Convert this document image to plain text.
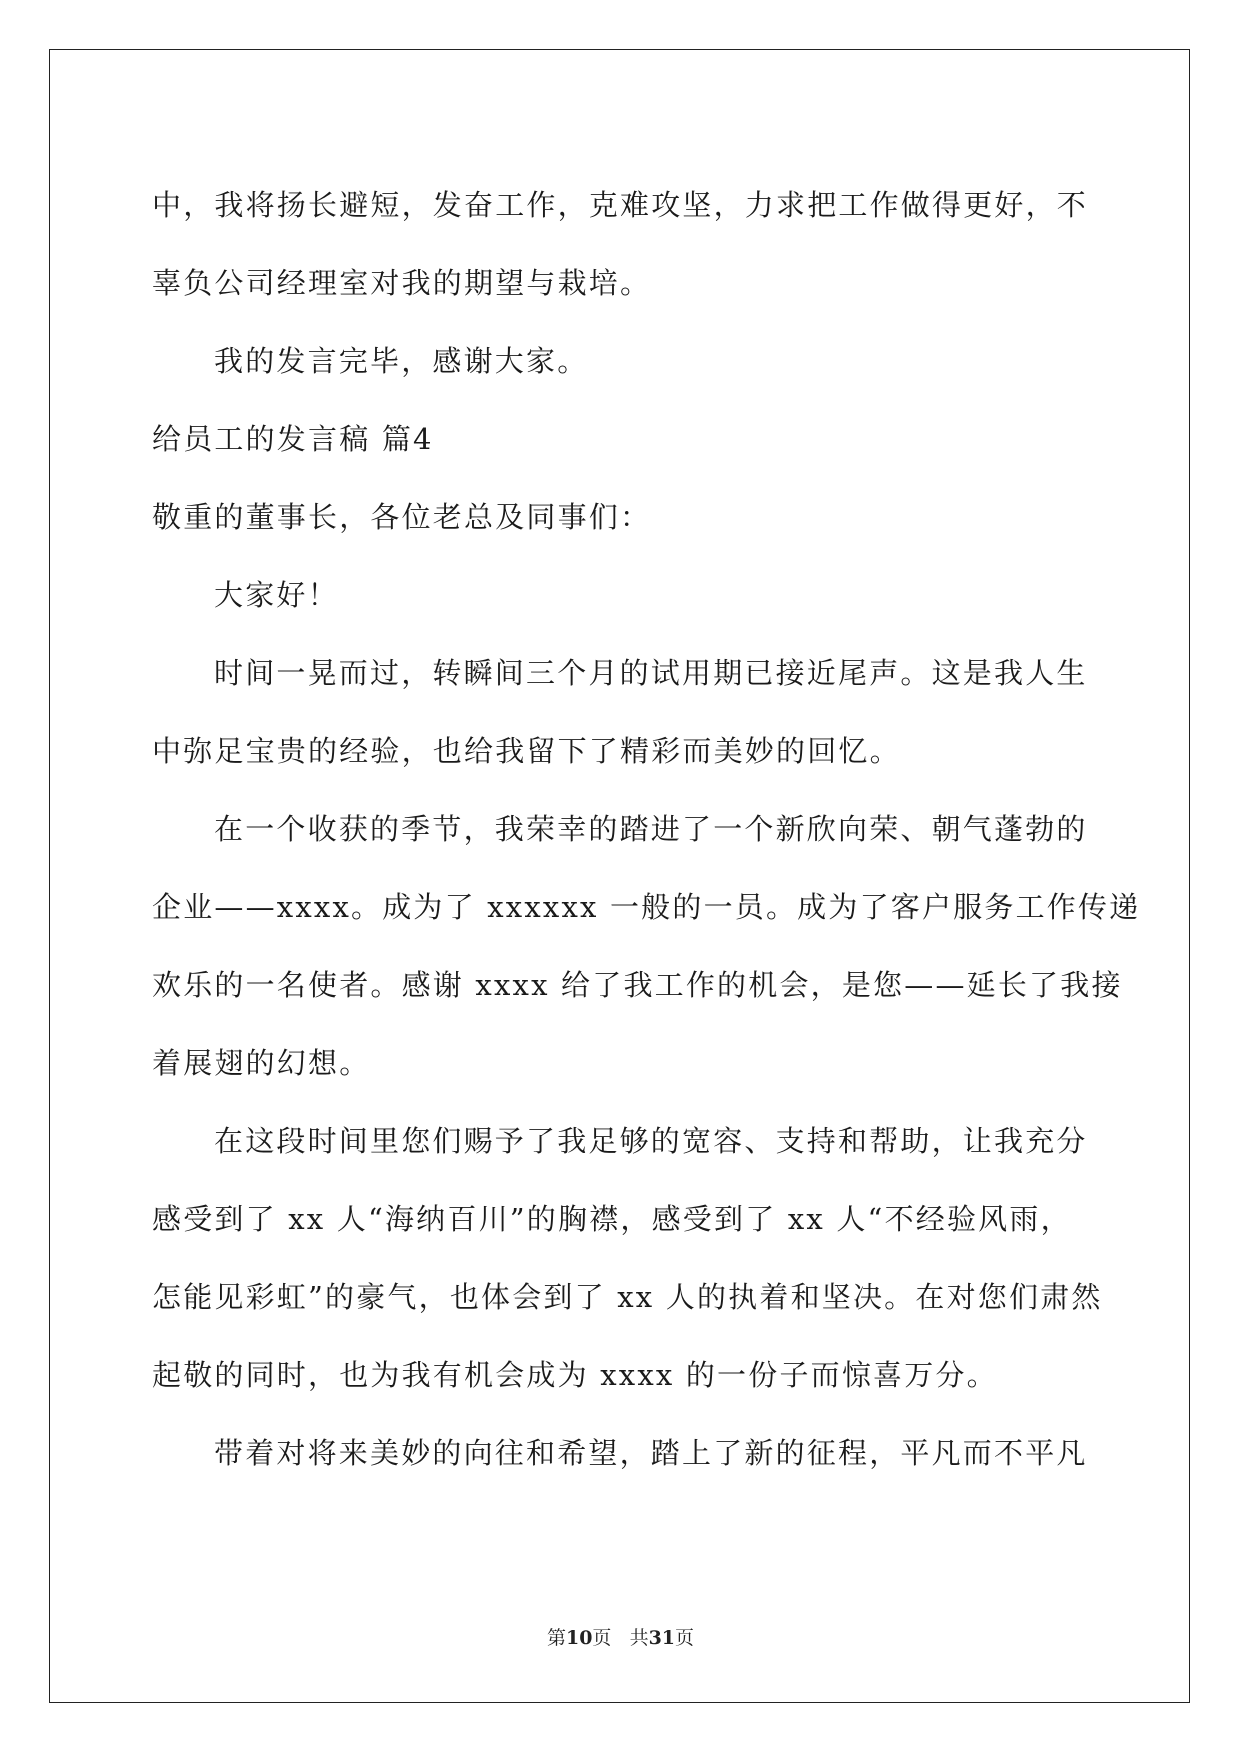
中，我将扬长避短，发奋工作，克难攻坚，力求把工作做得更好，不
辜负公司经理室对我的期望与栽培。
我的发言完毕，感谢大家。
给员工的发言稿 篇4
敬重的董事长，各位老总及同事们：
大家好！
时间一晃而过，转瞬间三个月的试用期已接近尾声。这是我人生
中弥足宝贵的经验，也给我留下了精彩而美妙的回忆。
在一个收获的季节，我荣幸的踏进了一个新欣向荣、朝气蓬勃的
企业——xxxx。成为了 xxxxxx 一般的一员。成为了客户服务工作传递
欢乐的一名使者。感谢 xxxx 给了我工作的机会，是您——延长了我接
着展翅的幻想。
在这段时间里您们赐予了我足够的宽容、支持和帮助，让我充分
感受到了 xx 人“海纳百川”的胸襟，感受到了 xx 人“不经验风雨，
怎能见彩虹”的豪气，也体会到了 xx 人的执着和坚决。在对您们肃然
起敬的同时，也为我有机会成为 xxxx 的一份子而惊喜万分。
带着对将来美妙的向往和希望，踏上了新的征程，平凡而不平凡
第10页 共31页
